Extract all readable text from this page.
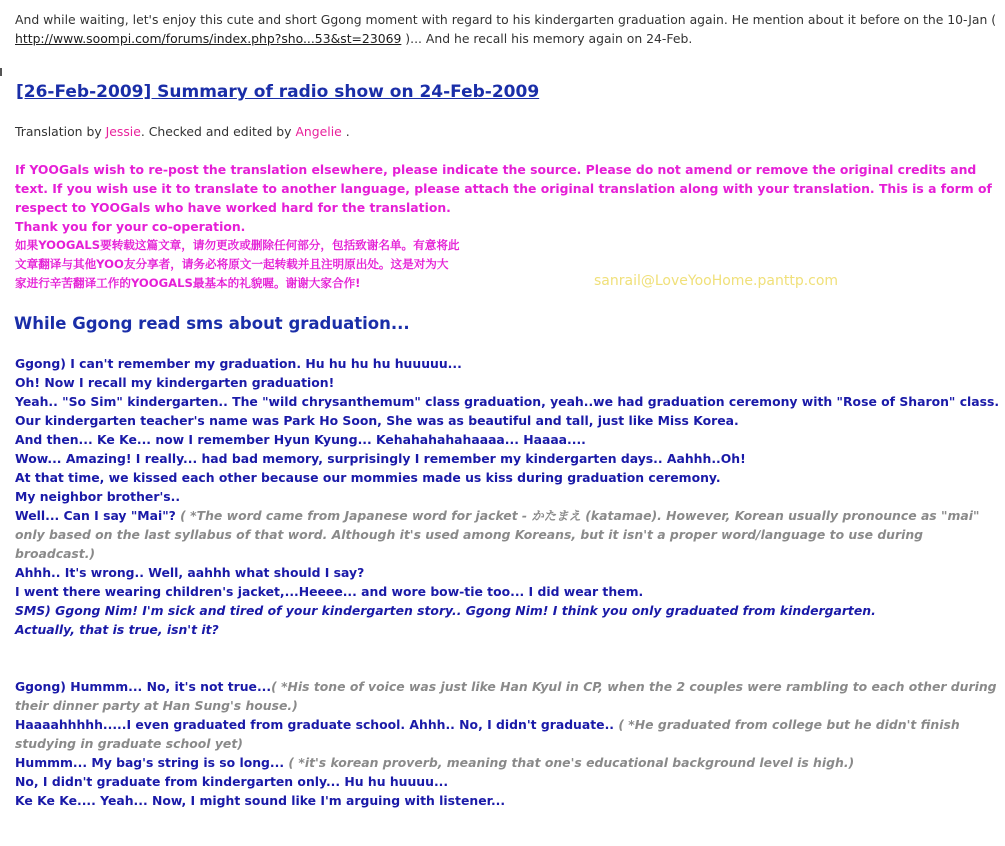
And while waiting, let's enjoy this cute and short Ggong moment with regard to his kindergarten graduation again. He mention about it before on the 10-Jan ( http://www.soompi.com/forums/index.php?sho...53&st=23069 )... And he recall his memory again on 24-Feb.

[26-Feb-2009] Summary of radio show on 24-Feb-2009

Translation by Jessie. Checked and edited by Angelie .

If YOOGals wish to re-post the translation elsewhere, please indicate the source. Please do not amend or remove the original credits and text. If you wish use it to translate to another language, please attach the original translation along with your translation. This is a form of respect to YOOGals who have worked hard for the translation.
Thank you for your co-operation.
如果YOOGALS要转载这篇文章，请勿更改或删除任何部分，包括致谢名单。有意将此
文章翻译与其他YOO友分享者，请务必将原文一起转载并且注明原出处。这是对为大
家进行辛苦翻译工作的YOOGALS最基本的礼貌喔。谢谢大家合作!	sanrail@LoveYooHome.panttp.com
While Ggong read sms about graduation...
Ggong) I can't remember my graduation. Hu hu hu hu huuuuu...
Oh! Now I recall my kindergarten graduation!
Yeah.. "So Sim" kindergarten.. The "wild chrysanthemum" class graduation, yeah..we had graduation ceremony with "Rose of Sharon" class.
Our kindergarten teacher's name was Park Ho Soon, She was as beautiful and tall, just like Miss Korea.
And then... Ke Ke... now I remember Hyun Kyung... Kehahahahahaaaa... Haaaa....
Wow... Amazing! I really... had bad memory, surprisingly I remember my kindergarten days.. Aahhh..Oh!
At that time, we kissed each other because our mommies made us kiss during graduation ceremony.
My neighbor brother's..
Well... Can I say "Mai"? ( *The word came from Japanese word for jacket - かたまえ (katamae). However, Korean usually pronounce as "mai" only based on the last syllabus of that word. Although it's used among Koreans, but it isn't a proper word/language to use during broadcast.)
Ahhh.. It's wrong.. Well, aahhh what should I say?
I went there wearing children's jacket,...Heeee... and wore bow-tie too... I did wear them.
SMS) Ggong Nim! I'm sick and tired of your kindergarten story.. Ggong Nim! I think you only graduated from kindergarten.
Actually, that is true, isn't it?
Ggong) Hummm... No, it's not true...( *His tone of voice was just like Han Kyul in CP, when the 2 couples were rambling to each other during their dinner party at Han Sung's house.)
Haaaahhhhh.....I even graduated from graduate school. Ahhh.. No, I didn't graduate.. ( *He graduated from college but he didn't finish studying in graduate school yet)
Hummm... My bag's string is so long... ( *it's korean proverb, meaning that one's educational background level is high.)
No, I didn't graduate from kindergarten only... Hu hu huuuu...
Ke Ke Ke.... Yeah... Now, I might sound like I'm arguing with listener...
